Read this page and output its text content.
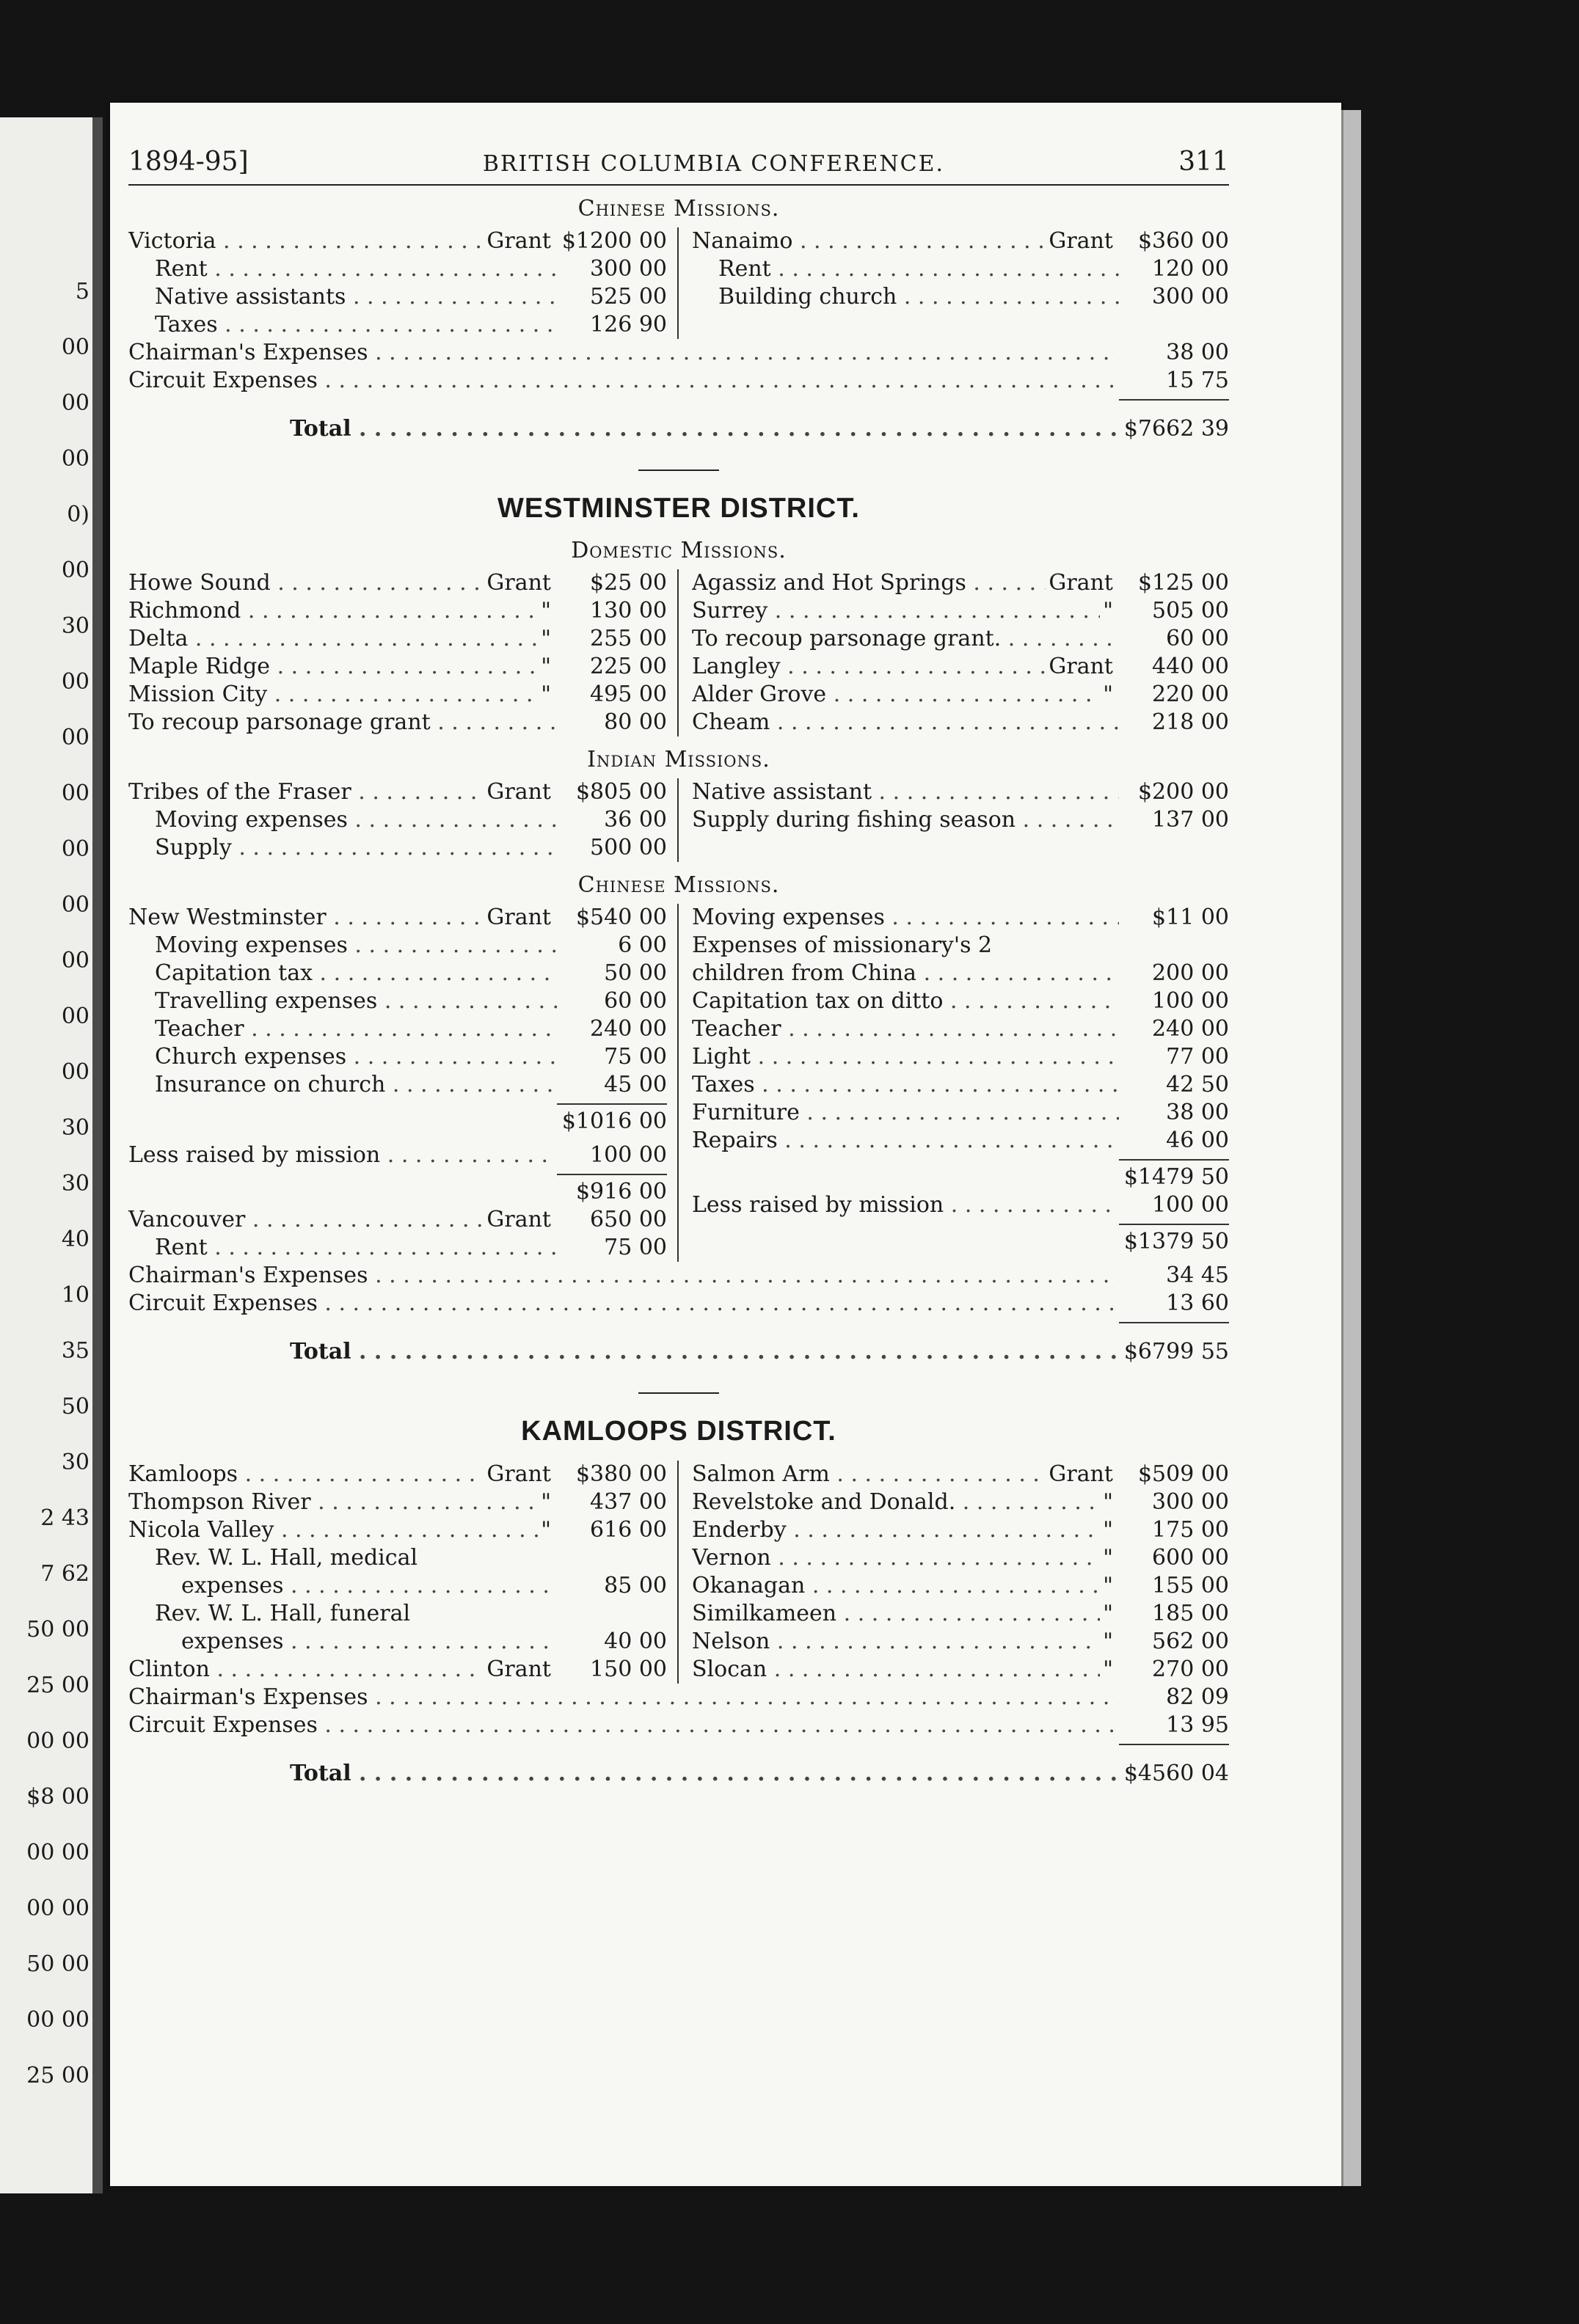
5
00
00
00
0)
00
30
00
00
00
00
00
00
00
00
30
30
40
10
35
50
30
2 43
7 62
50 00
25 00
00 00
$8 00
00 00
00 00
50 00
00 00
25 00
1894-95]	BRITISH COLUMBIA CONFERENCE.	311
Chinese Missions.
Victoria . . .	Grant $1200 00
Rent . . .	300 00
Native assistants . . .	525 00
Taxes . . .	126 90
Nanaimo . . .	Grant	$360 00
Rent . . .	120 00
Building church . . .	300 00
Chairman's Expenses . . .	38 00
Circuit Expenses . . .	15 75
Total . . .	$7662 39
WESTMINSTER DISTRICT.
Domestic Missions.
Howe Sound . . .	Grant	$25 00
Richmond . . .	"	130 00
Delta . . .	"	255 00
Maple Ridge . . .	"	225 00
Mission City . . .	"	495 00
To recoup parsonage grant . . .	80 00
Agassiz and Hot Springs . . .	Grant	$125 00
Surrey . . .	"	505 00
To recoup parsonage grant. . . .	60 00
Langley . . .	Grant	440 00
Alder Grove . . .	"	220 00
Cheam . . .	218 00
Indian Missions.
Tribes of the Fraser . . .	Grant	$805 00
Moving expenses . . .	36 00
Supply . . .	500 00
Native assistant . . .	$200 00
Supply during fishing season . . .	137 00
Chinese Missions.
New Westminster . . .	Grant	$540 00
Moving expenses . . .	6 00
Capitation tax . . .	50 00
Travelling expenses . . .	60 00
Teacher . . .	240 00
Church expenses . . .	75 00
Insurance on church . . .	45 00
$1016 00
Less raised by mission . . .	100 00
$916 00
Vancouver . . .	Grant	650 00
Rent . . .	75 00
Moving expenses . . .	$11 00
Expenses of missionary's 2
children from China . . .	200 00
Capitation tax on ditto . . .	100 00
Teacher . . .	240 00
Light . . .	77 00
Taxes . . .	42 50
Furniture . . .	38 00
Repairs . . .	46 00
$1479 50
Less raised by mission . . .	100 00
$1379 50
Chairman's Expenses . . .	34 45
Circuit Expenses . . .	13 60
Total . . .	$6799 55
KAMLOOPS DISTRICT.
Kamloops . . .	Grant	$380 00
Thompson River . . .	"	437 00
Nicola Valley . . .	"	616 00
Rev. W. L. Hall, medical
expenses . . .	85 00
Rev. W. L. Hall, funeral
expenses . . .	40 00
Clinton . . .	Grant	150 00
Salmon Arm . . .	Grant	$509 00
Revelstoke and Donald. . . .	"	300 00
Enderby . . .	"	175 00
Vernon . . .	"	600 00
Okanagan . . .	"	155 00
Similkameen . . .	"	185 00
Nelson . . .	"	562 00
Slocan . . .	"	270 00
Chairman's Expenses . . .	82 09
Circuit Expenses . . .	13 95
Total . . .	$4560 04
